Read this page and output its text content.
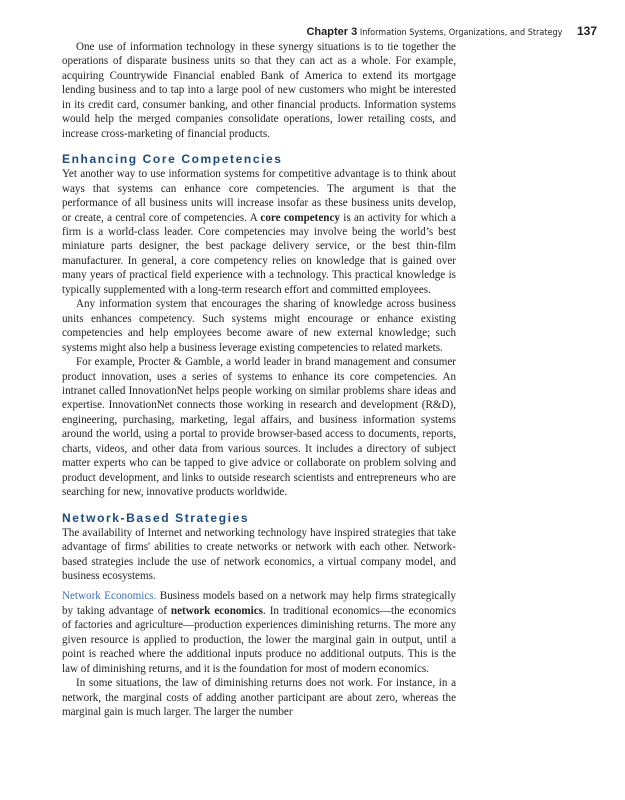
Chapter 3 Information Systems, Organizations, and Strategy 137

One use of information technology in these synergy situations is to tie together the operations of disparate business units so that they can act as a whole. For example, acquiring Countrywide Financial enabled Bank of America to extend its mortgage lending business and to tap into a large pool of new customers who might be interested in its credit card, consumer banking, and other financial products. Information systems would help the merged companies consolidate operations, lower retailing costs, and increase cross-marketing of financial products.

Enhancing Core Competencies

Yet another way to use information systems for competitive advantage is to think about ways that systems can enhance core competencies. The argument is that the performance of all business units will increase insofar as these business units develop, or create, a central core of competencies. A core competency is an activity for which a firm is a world-class leader. Core competencies may involve being the world’s best miniature parts designer, the best package delivery service, or the best thin-film manufacturer. In general, a core competency relies on knowledge that is gained over many years of practical field experience with a technology. This practical knowledge is typically supplemented with a long-term research effort and committed employees.

Any information system that encourages the sharing of knowledge across business units enhances competency. Such systems might encourage or enhance existing competencies and help employees become aware of new external knowledge; such systems might also help a business leverage existing competencies to related markets.

For example, Procter & Gamble, a world leader in brand management and consumer product innovation, uses a series of systems to enhance its core competencies. An intranet called InnovationNet helps people working on similar problems share ideas and expertise. InnovationNet connects those working in research and development (R&D), engineering, purchasing, marketing, legal affairs, and business information systems around the world, using a portal to provide browser-based access to documents, reports, charts, videos, and other data from various sources. It includes a directory of subject matter experts who can be tapped to give advice or collaborate on problem solving and product development, and links to outside research scientists and entrepreneurs who are searching for new, innovative products worldwide.

Network-Based Strategies

The availability of Internet and networking technology have inspired strategies that take advantage of firms' abilities to create networks or network with each other. Network-based strategies include the use of network economics, a virtual company model, and business ecosystems.

Network Economics. Business models based on a network may help firms strategically by taking advantage of network economics. In traditional economics—the economics of factories and agriculture—production experiences diminishing returns. The more any given resource is applied to production, the lower the marginal gain in output, until a point is reached where the additional inputs produce no additional outputs. This is the law of diminishing returns, and it is the foundation for most of modern economics.

In some situations, the law of diminishing returns does not work. For instance, in a network, the marginal costs of adding another participant are about zero, whereas the marginal gain is much larger. The larger the number
